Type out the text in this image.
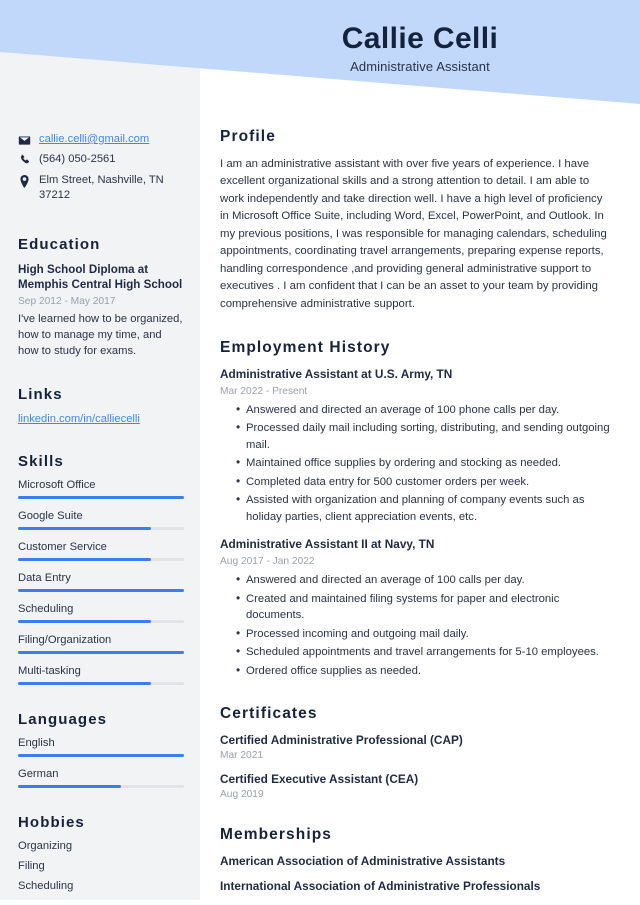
Callie Celli
Administrative Assistant
callie.celli@gmail.com
(564) 050-2561
Elm Street, Nashville, TN 37212
Education
High School Diploma at Memphis Central High School
Sep 2012 - May 2017
I've learned how to be organized, how to manage my time, and how to study for exams.
Links
linkedin.com/in/calliecelli
Skills
Microsoft Office
Google Suite
Customer Service
Data Entry
Scheduling
Filing/Organization
Multi-tasking
Languages
English
German
Hobbies
Organizing
Filing
Scheduling
Profile
I am an administrative assistant with over five years of experience. I have excellent organizational skills and a strong attention to detail. I am able to work independently and take direction well. I have a high level of proficiency in Microsoft Office Suite, including Word, Excel, PowerPoint, and Outlook. In my previous positions, I was responsible for managing calendars, scheduling appointments, coordinating travel arrangements, preparing expense reports, handling correspondence ,and providing general administrative support to executives . I am confident that I can be an asset to your team by providing comprehensive administrative support.
Employment History
Administrative Assistant at U.S. Army, TN
Mar 2022 - Present
• Answered and directed an average of 100 phone calls per day.
• Processed daily mail including sorting, distributing, and sending outgoing mail.
• Maintained office supplies by ordering and stocking as needed.
• Completed data entry for 500 customer orders per week.
• Assisted with organization and planning of company events such as holiday parties, client appreciation events, etc.
Administrative Assistant II at Navy, TN
Aug 2017 - Jan 2022
• Answered and directed an average of 100 calls per day.
• Created and maintained filing systems for paper and electronic documents.
• Processed incoming and outgoing mail daily.
• Scheduled appointments and travel arrangements for 5-10 employees.
• Ordered office supplies as needed.
Certificates
Certified Administrative Professional (CAP)
Mar 2021
Certified Executive Assistant (CEA)
Aug 2019
Memberships
American Association of Administrative Assistants
International Association of Administrative Professionals
